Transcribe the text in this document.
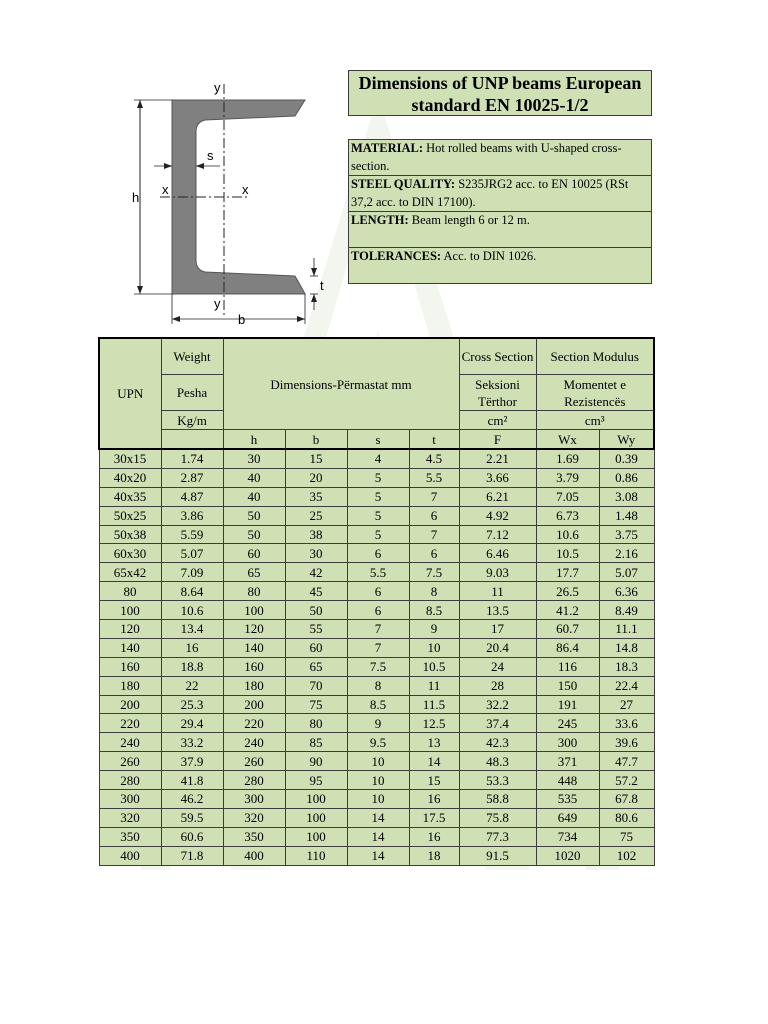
y
y
x	x
h
s
t
b
Dimensions of UNP beams European standard EN 10025-1/2
MATERIAL: Hot rolled beams with U-shaped cross-section.
STEEL QUALITY: S235JRG2 acc. to EN 10025 (RSt 37,2 acc. to DIN 17100).
LENGTH: Beam length 6 or 12 m.
TOLERANCES: Acc. to DIN 1026.
UPN	Weight	Dimensions-Përmastat mm				Cross Section	Section Modulus	
	Pesha					Seksioni Tërthor	Momentet e Rezistencës	
	Kg/m					cm²	cm³	
		h	b	s	t	F	Wx	Wy
30x15	1.74	30	15	4	4.5	2.21	1.69	0.39
40x20	2.87	40	20	5	5.5	3.66	3.79	0.86
40x35	4.87	40	35	5	7	6.21	7.05	3.08
50x25	3.86	50	25	5	6	4.92	6.73	1.48
50x38	5.59	50	38	5	7	7.12	10.6	3.75
60x30	5.07	60	30	6	6	6.46	10.5	2.16
65x42	7.09	65	42	5.5	7.5	9.03	17.7	5.07
80	8.64	80	45	6	8	11	26.5	6.36
100	10.6	100	50	6	8.5	13.5	41.2	8.49
120	13.4	120	55	7	9	17	60.7	11.1
140	16	140	60	7	10	20.4	86.4	14.8
160	18.8	160	65	7.5	10.5	24	116	18.3
180	22	180	70	8	11	28	150	22.4
200	25.3	200	75	8.5	11.5	32.2	191	27
220	29.4	220	80	9	12.5	37.4	245	33.6
240	33.2	240	85	9.5	13	42.3	300	39.6
260	37.9	260	90	10	14	48.3	371	47.7
280	41.8	280	95	10	15	53.3	448	57.2
300	46.2	300	100	10	16	58.8	535	67.8
320	59.5	320	100	14	17.5	75.8	649	80.6
350	60.6	350	100	14	16	77.3	734	75
400	71.8	400	110	14	18	91.5	1020	102
